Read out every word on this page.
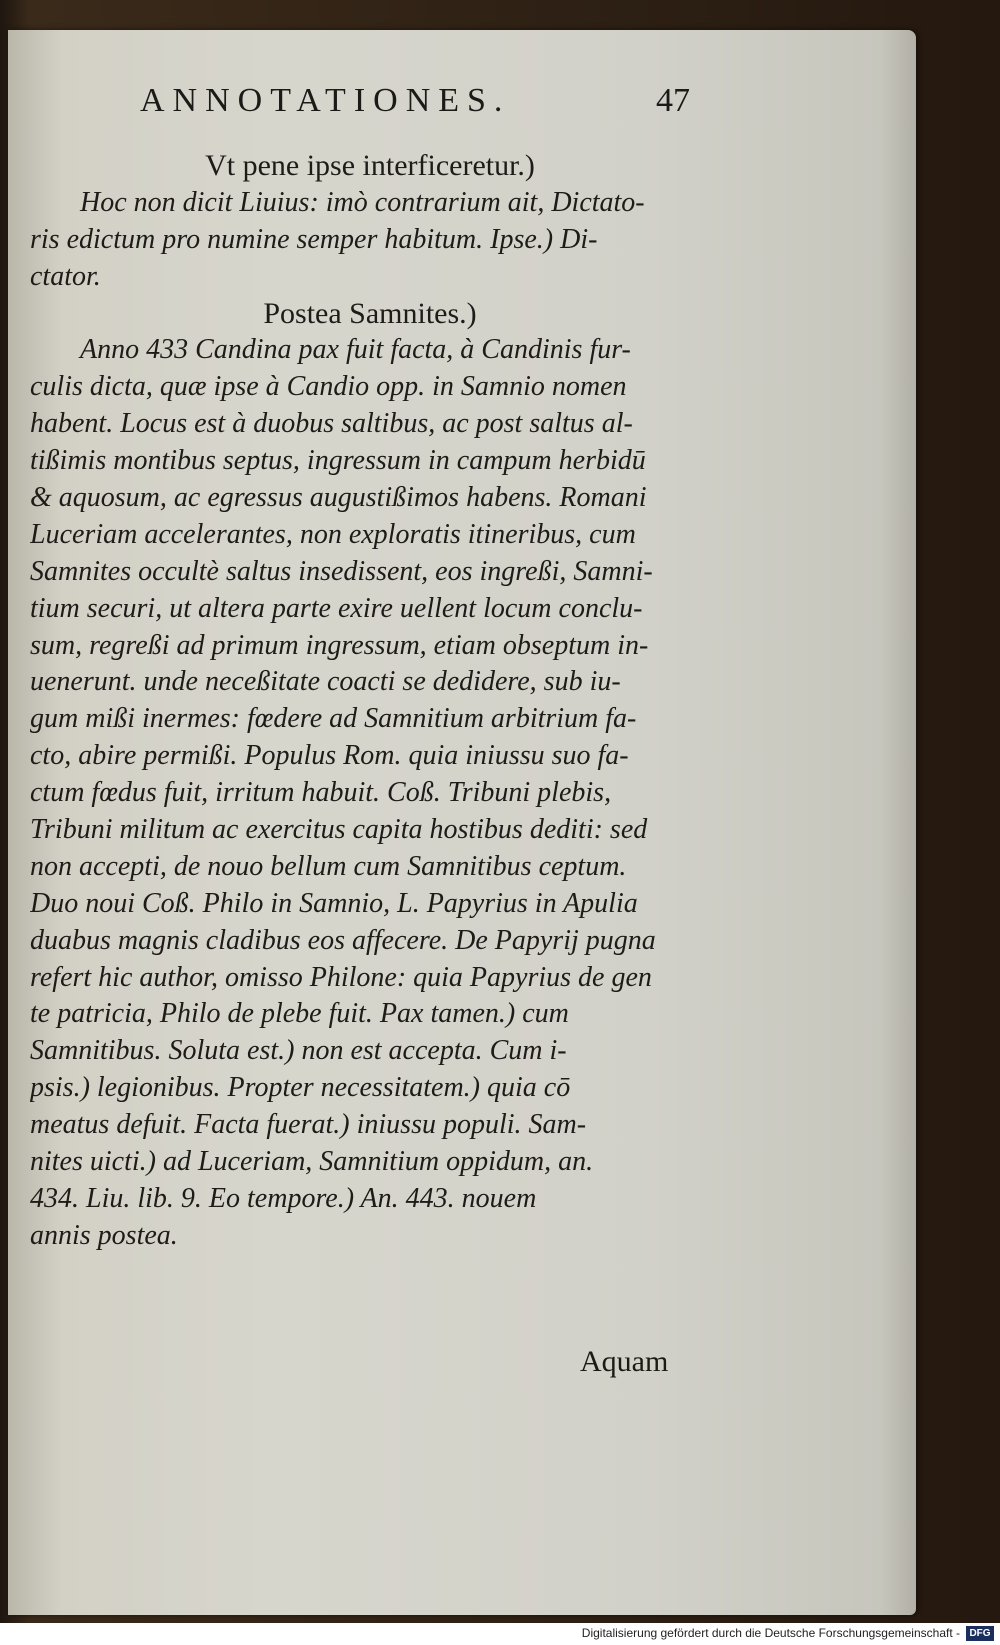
ANNOTATIONES.	47
Vt pene ipse interficeretur.)
Hoc non dicit Liuius: imò contrarium ait, Dictato-
ris edictum pro numine semper habitum. Ipse.) Di-
ctator.
Postea Samnites.)
Anno 433 Candina pax fuit facta, à Candinis fur-
culis dicta, quæ ipse à Candio opp. in Samnio nomen
habent. Locus est à duobus saltibus, ac post saltus al-
tißimis montibus septus, ingressum in campum herbidū
& aquosum, ac egressus augustißimos habens. Romani
Luceriam accelerantes, non exploratis itineribus, cum
Samnites occultè saltus insedissent, eos ingreßi, Samni-
tium securi, ut altera parte exire uellent locum conclu-
sum, regreßi ad primum ingressum, etiam obseptum in-
uenerunt. unde neceßitate coacti se dedidere, sub iu-
gum mißi inermes: fœdere ad Samnitium arbitrium fa-
cto, abire permißi. Populus Rom. quia iniussu suo fa-
ctum fœdus fuit, irritum habuit. Coß. Tribuni plebis,
Tribuni militum ac exercitus capita hostibus dediti: sed
non accepti, de nouo bellum cum Samnitibus ceptum.
Duo noui Coß. Philo in Samnio, L. Papyrius in Apulia
duabus magnis cladibus eos affecere. De Papyrij pugna
refert hic author, omisso Philone: quia Papyrius de gen
te patricia, Philo de plebe fuit. Pax tamen.) cum
Samnitibus. Soluta est.) non est accepta. Cum i-
psis.) legionibus. Propter necessitatem.) quia cō
meatus defuit. Facta fuerat.) iniussu populi. Sam-
nites uicti.) ad Luceriam, Samnitium oppidum, an.
434. Liu. lib. 9. Eo tempore.) An. 443. nouem
annis postea.
Aquam
Digitalisierung gefördert durch die Deutsche Forschungsgemeinschaft - DFG
